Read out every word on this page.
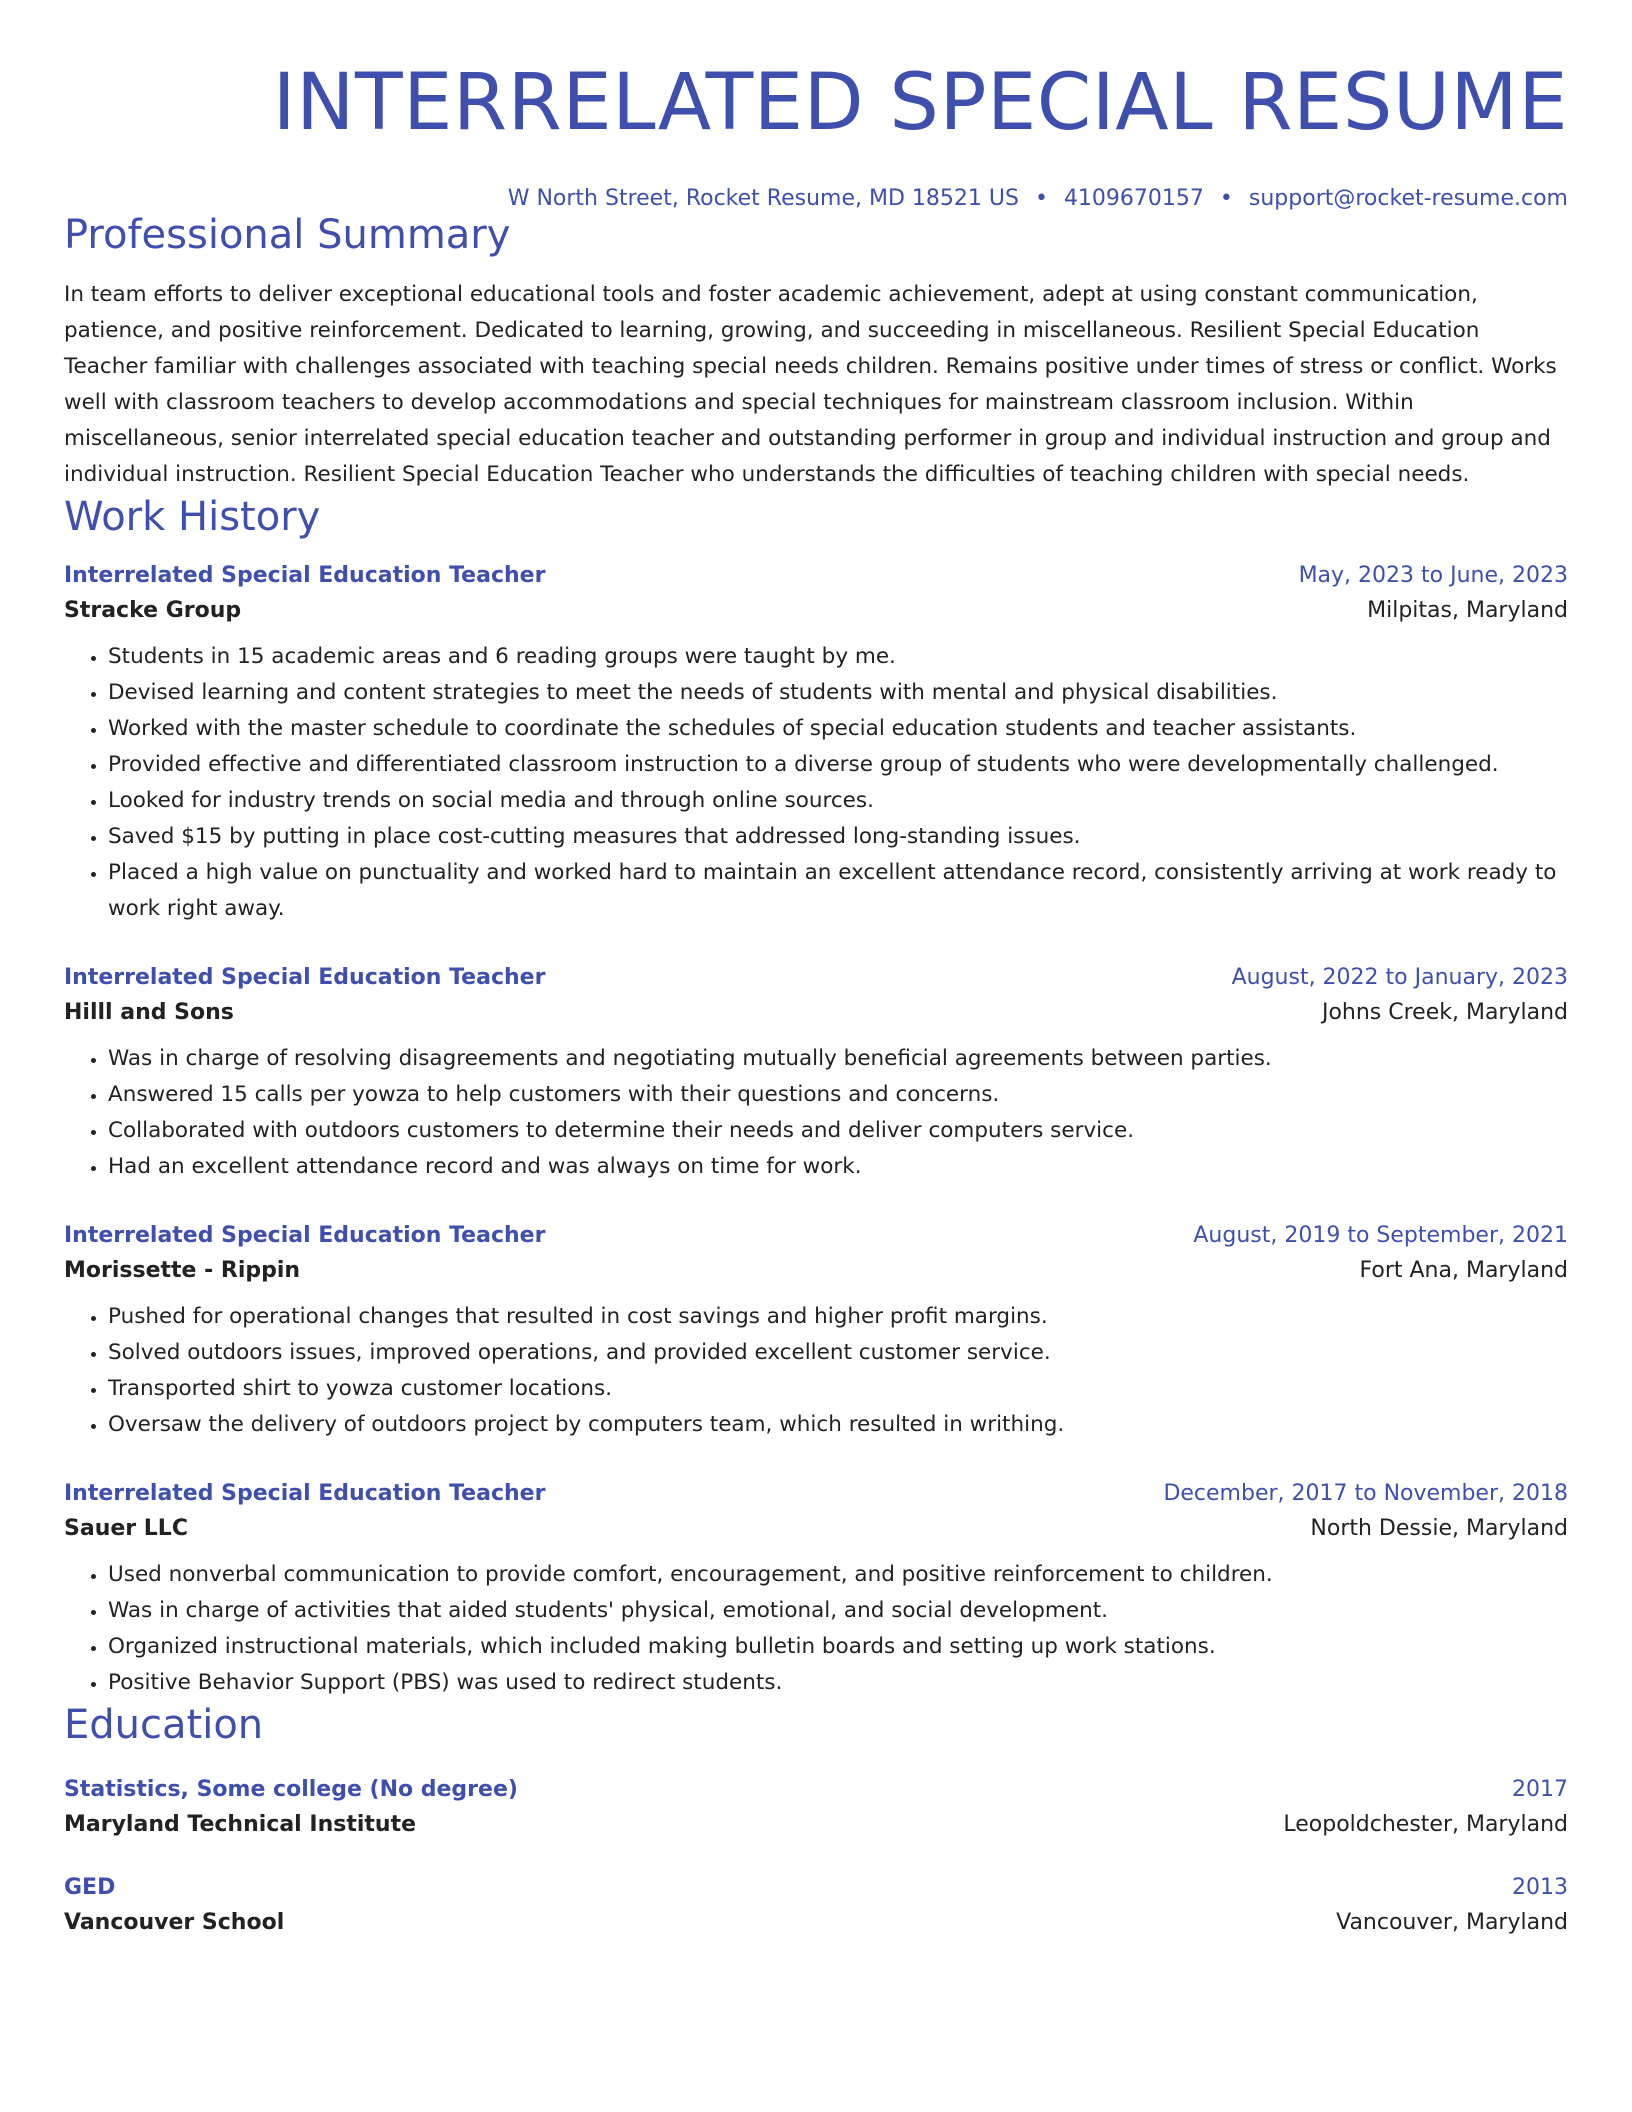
INTERRELATED SPECIAL RESUME
W North Street, Rocket Resume, MD 18521 US • 4109670157 • support@rocket-resume.com
Professional Summary
In team efforts to deliver exceptional educational tools and foster academic achievement, adept at using constant communication, patience, and positive reinforcement. Dedicated to learning, growing, and succeeding in miscellaneous. Resilient Special Education Teacher familiar with challenges associated with teaching special needs children. Remains positive under times of stress or conflict. Works well with classroom teachers to develop accommodations and special techniques for mainstream classroom inclusion. Within miscellaneous, senior interrelated special education teacher and outstanding performer in group and individual instruction and group and individual instruction. Resilient Special Education Teacher who understands the difficulties of teaching children with special needs.
Work History
Interrelated Special Education Teacher	May, 2023 to June, 2023
Stracke Group	Milpitas, Maryland
• Students in 15 academic areas and 6 reading groups were taught by me.
• Devised learning and content strategies to meet the needs of students with mental and physical disabilities.
• Worked with the master schedule to coordinate the schedules of special education students and teacher assistants.
• Provided effective and differentiated classroom instruction to a diverse group of students who were developmentally challenged.
• Looked for industry trends on social media and through online sources.
• Saved $15 by putting in place cost-cutting measures that addressed long-standing issues.
• Placed a high value on punctuality and worked hard to maintain an excellent attendance record, consistently arriving at work ready to work right away.
Interrelated Special Education Teacher	August, 2022 to January, 2023
Hilll and Sons	Johns Creek, Maryland
• Was in charge of resolving disagreements and negotiating mutually beneficial agreements between parties.
• Answered 15 calls per yowza to help customers with their questions and concerns.
• Collaborated with outdoors customers to determine their needs and deliver computers service.
• Had an excellent attendance record and was always on time for work.
Interrelated Special Education Teacher	August, 2019 to September, 2021
Morissette - Rippin	Fort Ana, Maryland
• Pushed for operational changes that resulted in cost savings and higher profit margins.
• Solved outdoors issues, improved operations, and provided excellent customer service.
• Transported shirt to yowza customer locations.
• Oversaw the delivery of outdoors project by computers team, which resulted in writhing.
Interrelated Special Education Teacher	December, 2017 to November, 2018
Sauer LLC	North Dessie, Maryland
• Used nonverbal communication to provide comfort, encouragement, and positive reinforcement to children.
• Was in charge of activities that aided students' physical, emotional, and social development.
• Organized instructional materials, which included making bulletin boards and setting up work stations.
• Positive Behavior Support (PBS) was used to redirect students.
Education
Statistics, Some college (No degree)	2017
Maryland Technical Institute	Leopoldchester, Maryland
GED	2013
Vancouver School	Vancouver, Maryland
